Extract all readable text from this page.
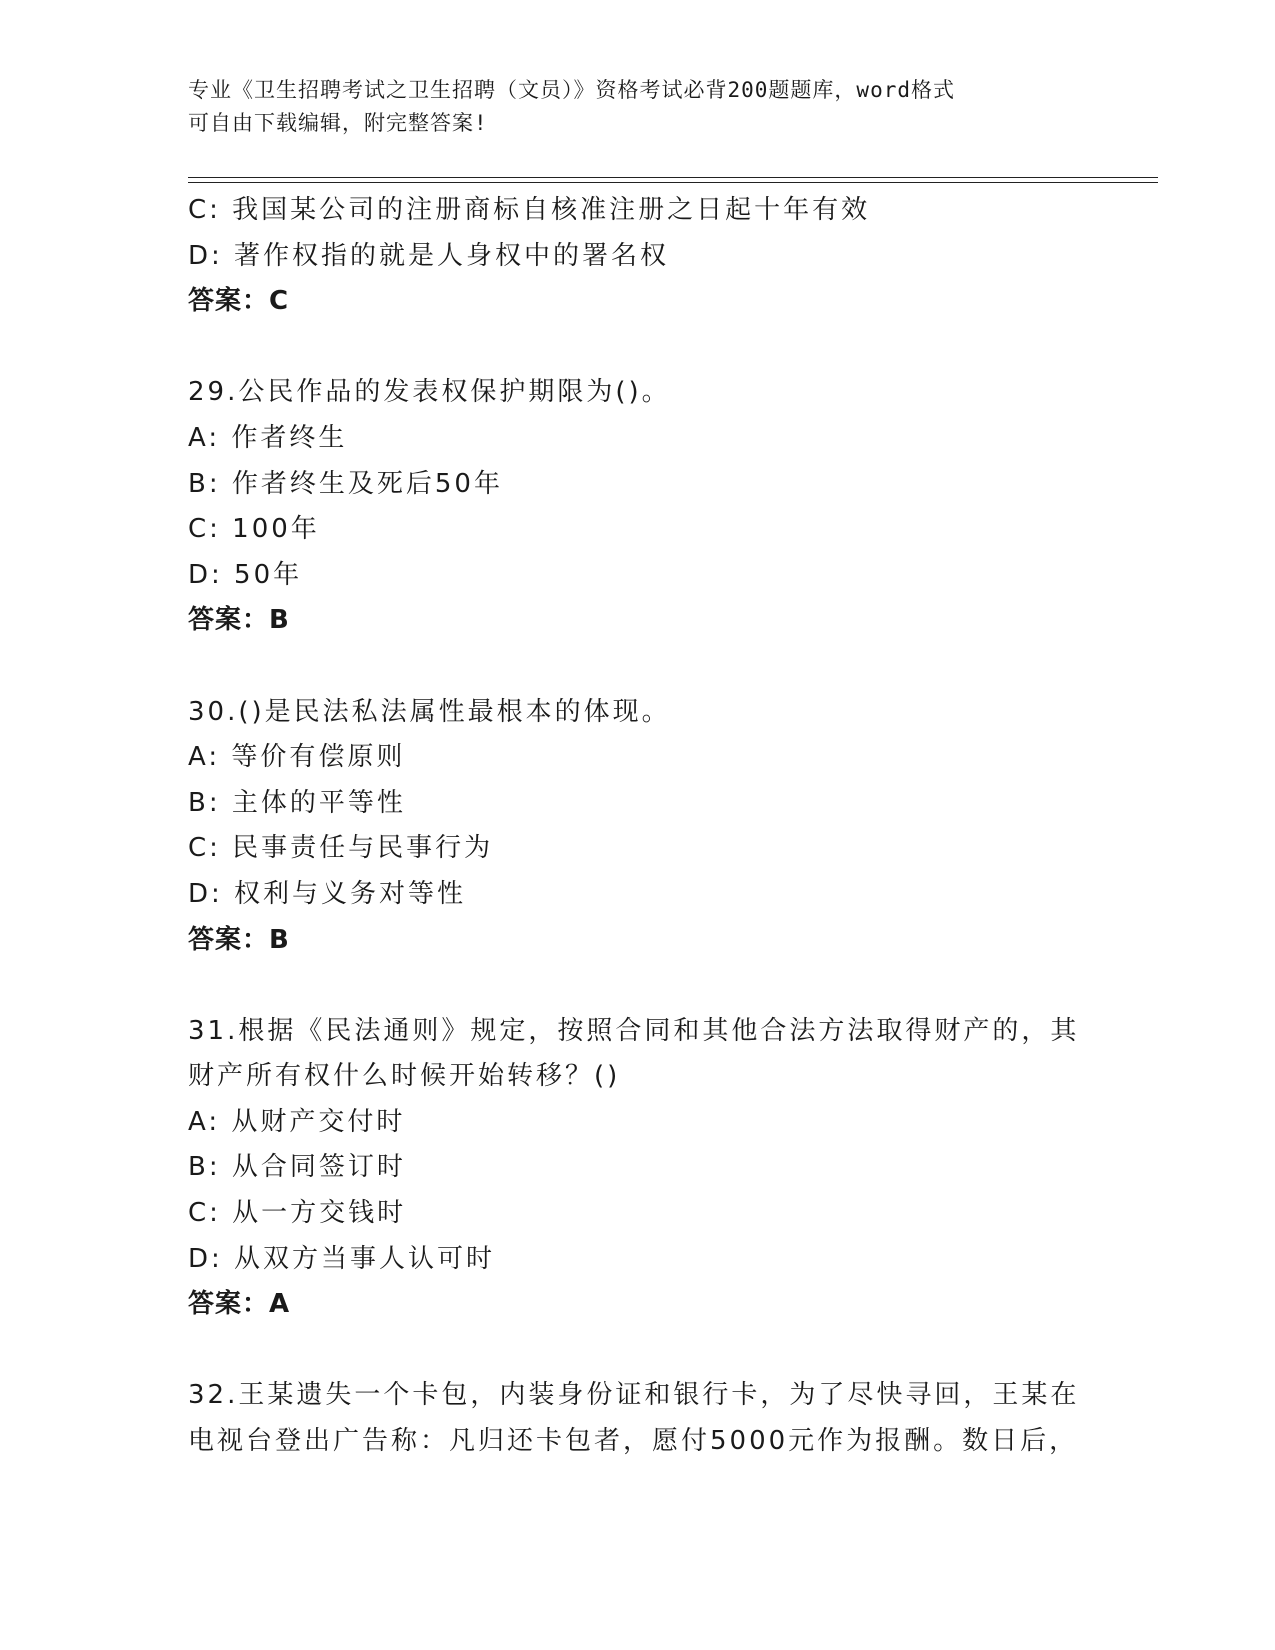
专业《卫生招聘考试之卫生招聘（文员）》资格考试必背200题题库，word格式
可自由下载编辑，附完整答案!
C: 我国某公司的注册商标自核准注册之日起十年有效
D: 著作权指的就是人身权中的署名权
答案：C
29.公民作品的发表权保护期限为()。
A: 作者终生
B: 作者终生及死后50年
C: 100年
D: 50年
答案：B
30.()是民法私法属性最根本的体现。
A: 等价有偿原则
B: 主体的平等性
C: 民事责任与民事行为
D: 权利与义务对等性
答案：B
31.根据《民法通则》规定，按照合同和其他合法方法取得财产的，其
财产所有权什么时候开始转移？()
A: 从财产交付时
B: 从合同签订时
C: 从一方交钱时
D: 从双方当事人认可时
答案：A
32.王某遗失一个卡包，内装身份证和银行卡，为了尽快寻回，王某在
电视台登出广告称：凡归还卡包者，愿付5000元作为报酬。数日后，
